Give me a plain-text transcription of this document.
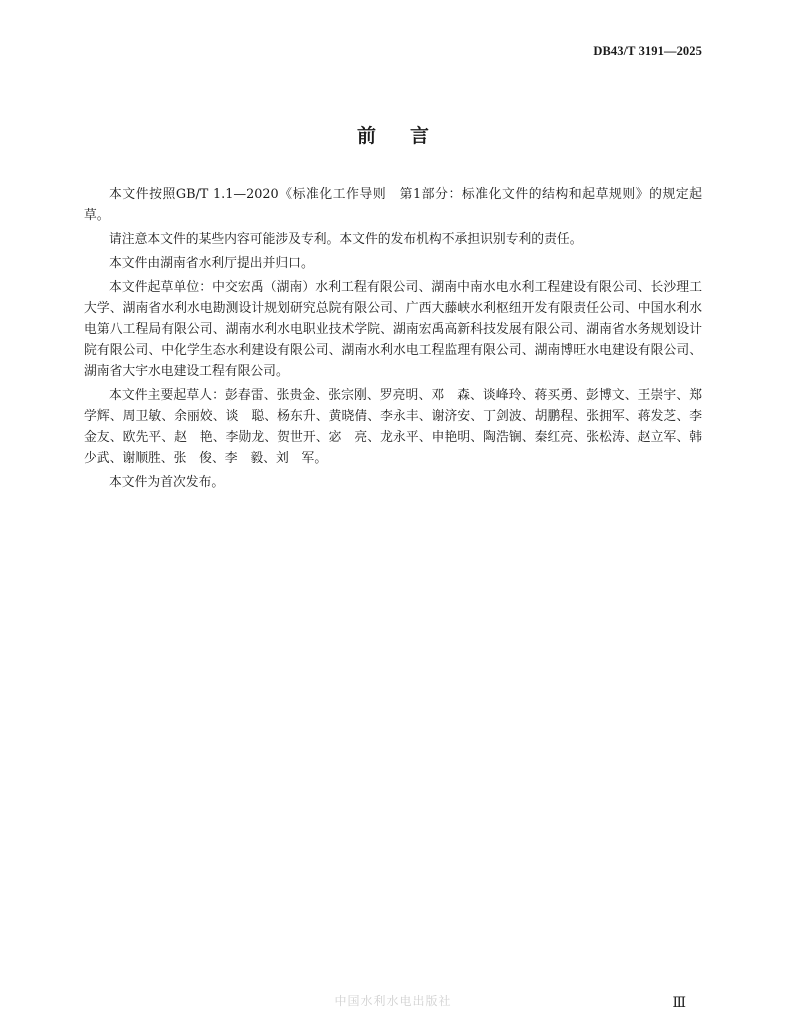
DB43/T 3191—2025
前言

本文件按照GB/T 1.1—2020《标准化工作导则　第1部分：标准化文件的结构和起草规则》的规定起草。

请注意本文件的某些内容可能涉及专利。本文件的发布机构不承担识别专利的责任。

本文件由湖南省水利厅提出并归口。

本文件起草单位：中交宏禹（湖南）水利工程有限公司、湖南中南水电水利工程建设有限公司、长沙理工大学、湖南省水利水电勘测设计规划研究总院有限公司、广西大藤峡水利枢纽开发有限责任公司、中国水利水电第八工程局有限公司、湖南水利水电职业技术学院、湖南宏禹高新科技发展有限公司、湖南省水务规划设计院有限公司、中化学生态水利建设有限公司、湖南水利水电工程监理有限公司、湖南博旺水电建设有限公司、湖南省大宇水电建设工程有限公司。

本文件主要起草人：彭春雷、张贵金、张宗刚、罗亮明、邓　森、谈峰玲、蒋买勇、彭博文、王崇宇、郑学辉、周卫敏、余丽姣、谈　聪、杨东升、黄晓倩、李永丰、谢济安、丁剑波、胡鹏程、张拥军、蒋发芝、李金友、欧先平、赵　艳、李勋龙、贺世开、宓　亮、龙永平、申艳明、陶浩锎、秦红亮、张松涛、赵立军、韩少武、谢顺胜、张　俊、李　毅、刘　军。

本文件为首次发布。

中国水利水电出版社	Ⅲ
